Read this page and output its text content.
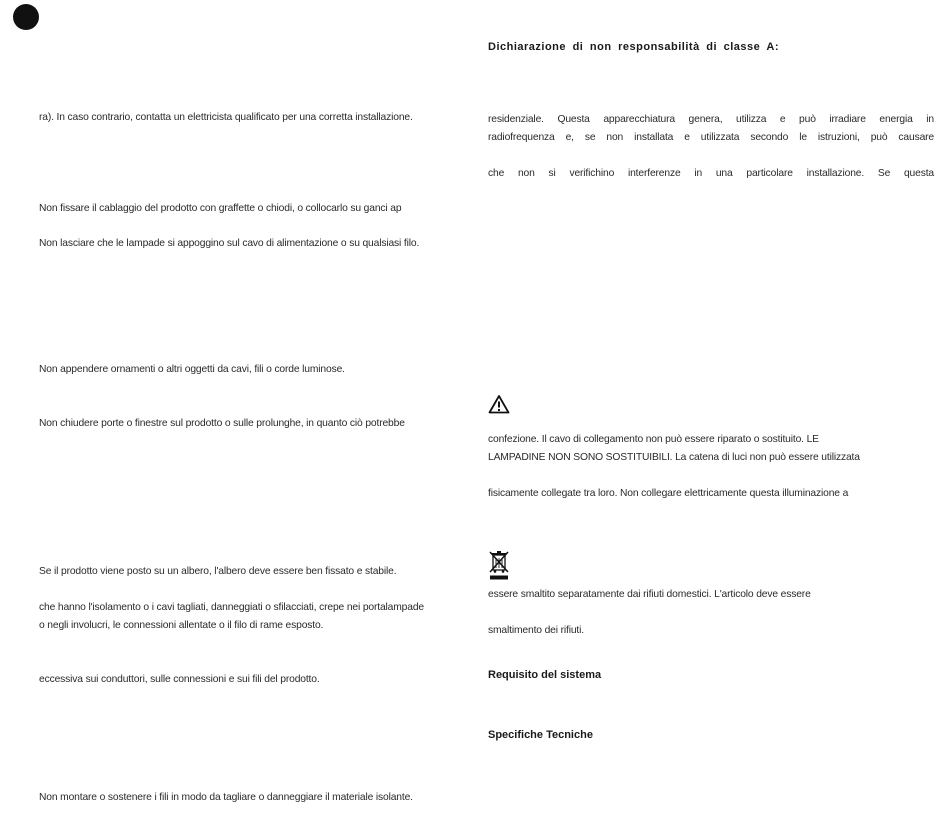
ra). In caso contrario, contatta un elettricista qualificato per una corretta installazione.
Non fissare il cablaggio del prodotto con graffette o chiodi, o collocarlo su ganci ap
Non lasciare che le lampade si appoggino sul cavo di alimentazione o su qualsiasi filo.
Non appendere ornamenti o altri oggetti da cavi, fili o corde luminose.
Non chiudere porte o finestre sul prodotto o sulle prolunghe, in quanto ciò potrebbe
Se il prodotto viene posto su un albero, l'albero deve essere ben fissato e stabile.
che hanno l'isolamento o i cavi tagliati, danneggiati o sfilacciati, crepe nei portalampade
o negli involucri, le connessioni allentate o il filo di rame esposto.
eccessiva sui conduttori, sulle connessioni e sui fili del prodotto.
Non montare o sostenere i fili in modo da tagliare o danneggiare il materiale isolante.
Dichiarazione di non responsabilità di classe A:
residenziale. Questa apparecchiatura genera, utilizza e può irradiare energia in
radiofrequenza e, se non installata e utilizzata secondo le istruzioni, può causare
che non si verifichino interferenze in una particolare installazione. Se questa
confezione. Il cavo di collegamento non può essere riparato o sostituito. LE
LAMPADINE NON SONO SOSTITUIBILI. La catena di luci non può essere utilizzata
fisicamente collegate tra loro. Non collegare elettricamente questa illuminazione a
essere smaltito separatamente dai rifiuti domestici. L'articolo deve essere
smaltimento dei rifiuti.
Requisito del sistema
Specifiche Tecniche
